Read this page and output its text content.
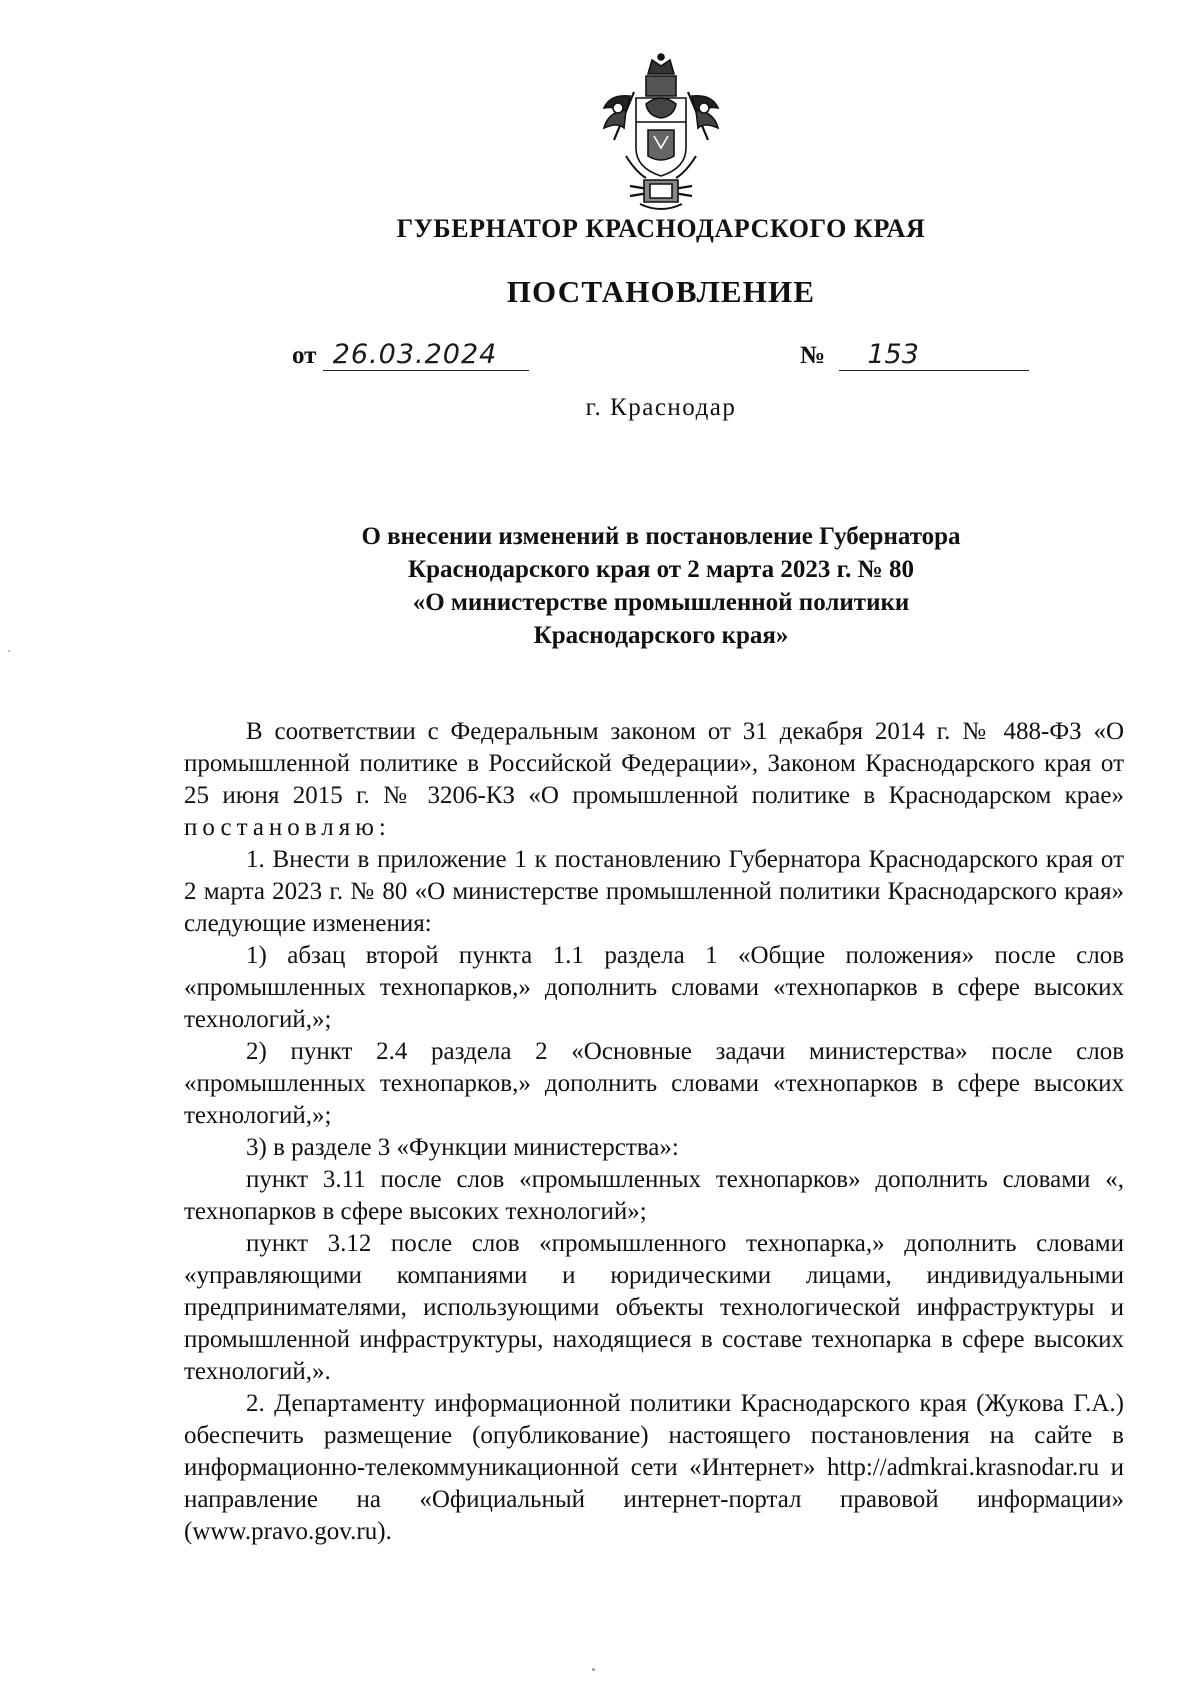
ГУБЕРНАТОР КРАСНОДАРСКОГО КРАЯ
ПОСТАНОВЛЕНИЕ
от 26.03.2024	№ 153
г. Краснодар
О внесении изменений в постановление Губернатора
Краснодарского края от 2 марта 2023 г. № 80
«О министерстве промышленной политики
Краснодарского края»

В соответствии с Федеральным законом от 31 декабря 2014 г. № 488-ФЗ «О промышленной политике в Российской Федерации», Законом Краснодарского края от 25 июня 2015 г. № 3206-КЗ «О промышленной политике в Краснодарском крае» постановляю:

1. Внести в приложение 1 к постановлению Губернатора Краснодарского края от 2 марта 2023 г. № 80 «О министерстве промышленной политики Краснодарского края» следующие изменения:

1) абзац второй пункта 1.1 раздела 1 «Общие положения» после слов «промышленных технопарков,» дополнить словами «технопарков в сфере высоких технологий,»;

2) пункт 2.4 раздела 2 «Основные задачи министерства» после слов «промышленных технопарков,» дополнить словами «технопарков в сфере высоких технологий,»;

3) в разделе 3 «Функции министерства»:

пункт 3.11 после слов «промышленных технопарков» дополнить словами «, технопарков в сфере высоких технологий»;

пункт 3.12 после слов «промышленного технопарка,» дополнить словами «управляющими компаниями и юридическими лицами, индивидуальными предпринимателями, использующими объекты технологической инфраструктуры и промышленной инфраструктуры, находящиеся в составе технопарка в сфере высоких технологий,».

2. Департаменту информационной политики Краснодарского края (Жукова Г.А.) обеспечить размещение (опубликование) настоящего постановления на сайте в информационно-телекоммуникационной сети «Интернет» http://admkrai.krasnodar.ru и направление на «Официальный интернет-портал правовой информации» (www.pravo.gov.ru).
